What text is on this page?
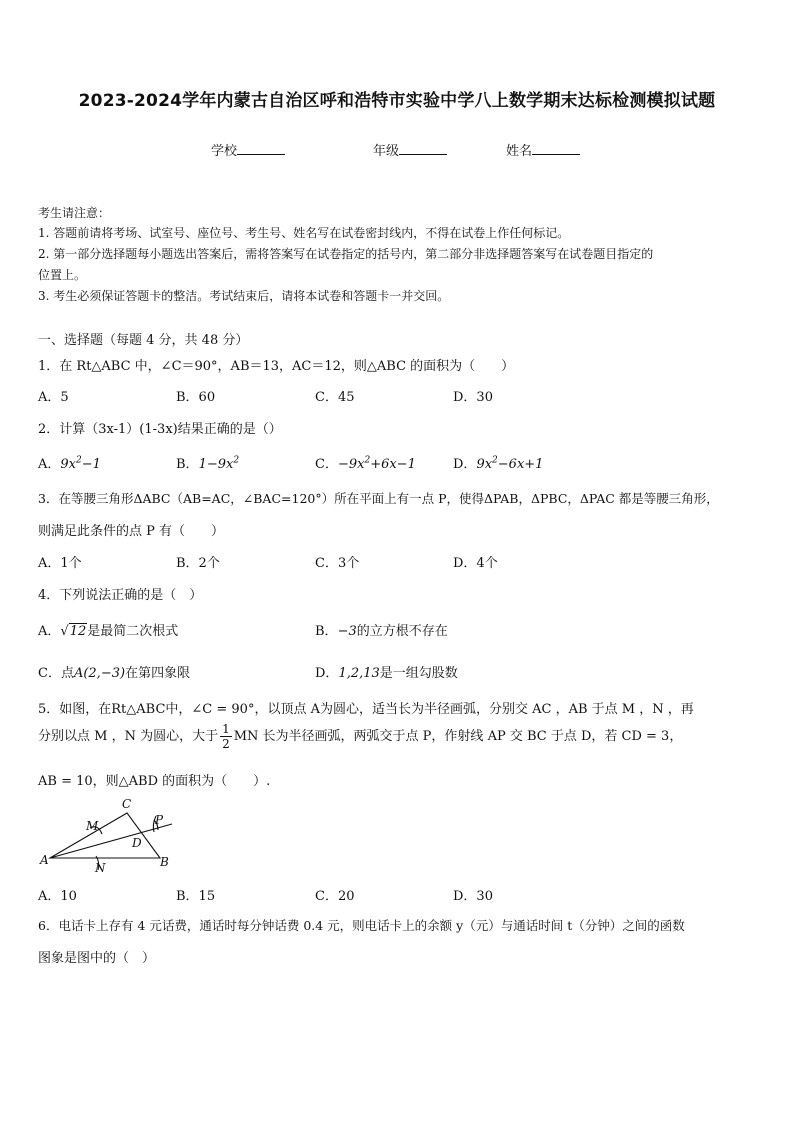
2023-2024学年内蒙古自治区呼和浩特市实验中学八上数学期末达标检测模拟试题
学校	年级	姓名
考生请注意：
1. 答题前请将考场、试室号、座位号、考生号、姓名写在试卷密封线内，不得在试卷上作任何标记。
2. 第一部分选择题每小题选出答案后，需将答案写在试卷指定的括号内，第二部分非选择题答案写在试卷题目指定的
位置上。
3. 考生必须保证答题卡的整洁。考试结束后，请将本试卷和答题卡一并交回。
一、选择题（每题 4 分，共 48 分）
1．在 Rt△ABC 中，∠C＝90°，AB＝13，AC＝12，则△ABC 的面积为（　　）
A．5	B．60	C．45	D．30
2．计算（3x-1）(1-3x)结果正确的是（）
A．$9x^2-1$	B．$1-9x^2$	C．$-9x^2+6x-1$	D．$9x^2-6x+1$
3．在等腰三角形ΔABC（AB=AC，∠BAC=120°）所在平面上有一点 P，使得ΔPAB，ΔPBC，ΔPAC 都是等腰三角形，
则满足此条件的点 P 有（　　）
A．1个	B．2个	C．3个	D．4个
4．下列说法正确的是（　）
A．√12是最简二次根式	B．−3的立方根不存在
C．点A(2,−3)在第四象限	D．1,2,13是一组勾股数
5．如图，在Rt△ABC中，∠C = 90°，以顶点 A为圆心，适当长为半径画弧，分别交 AC ，AB 于点 M ，N ，再
分别以点 M ，N 为圆心，大于 $\frac{1}{2}$ MN 长为半径画弧，两弧交于点 P，作射线 AP 交 BC 于点 D，若 CD = 3，
AB = 10，则△ABD 的面积为（　　）.
C
M	P
D
A
N	B
A．10	B．15	C．20	D．30
6．电话卡上存有 4 元话费，通话时每分钟话费 0.4 元，则电话卡上的余额 y（元）与通话时间 t（分钟）之间的函数
图象是图中的（　）
